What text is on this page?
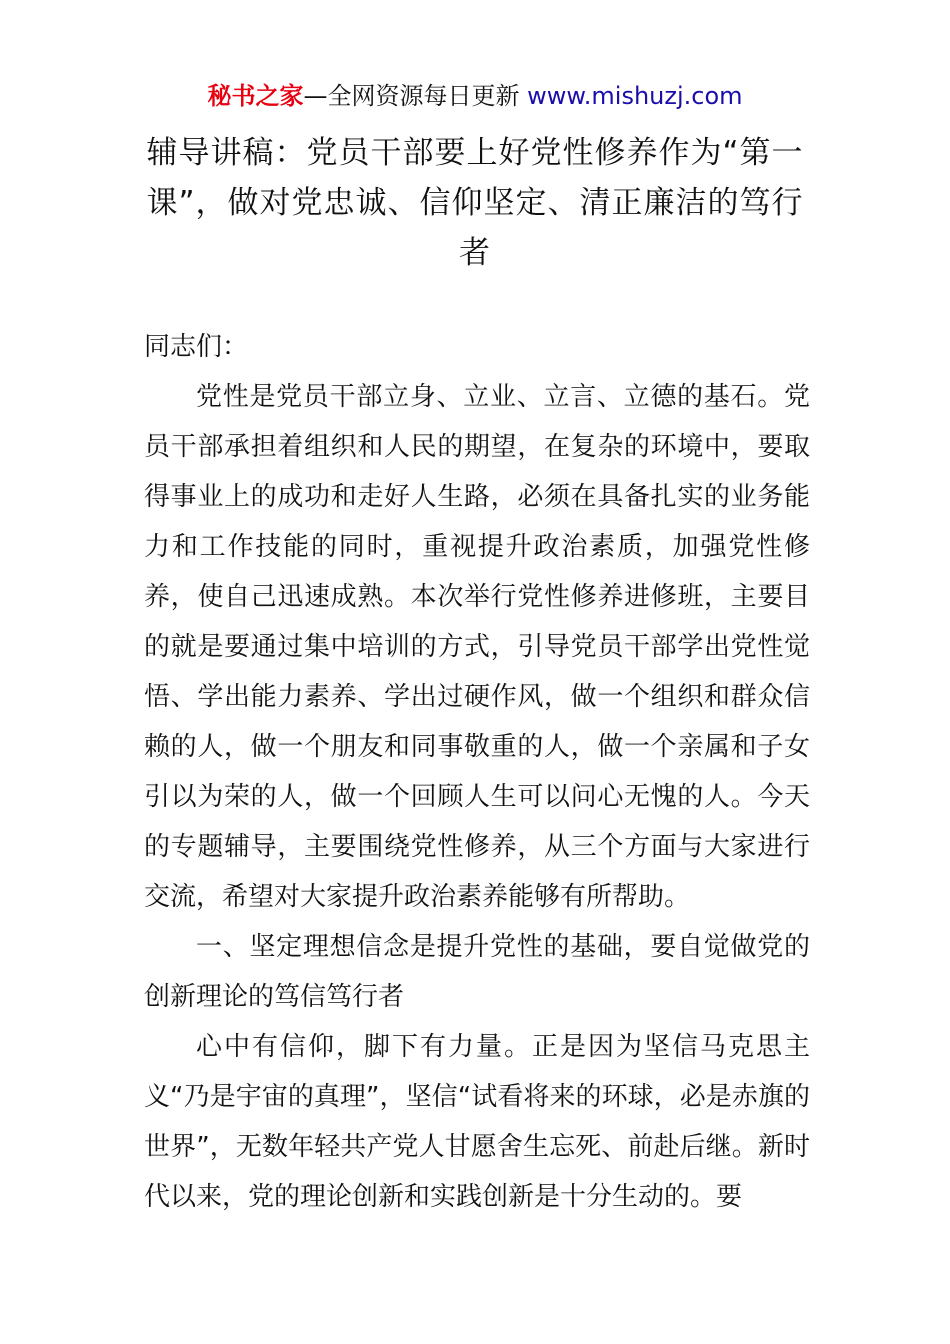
秘书之家—全网资源每日更新 www.mishuzj.com
辅导讲稿：党员干部要上好党性修养作为“第一课”，做对党忠诚、信仰坚定、清正廉洁的笃行者

同志们：

党性是党员干部立身、立业、立言、立德的基石。党员干部承担着组织和人民的期望，在复杂的环境中，要取得事业上的成功和走好人生路，必须在具备扎实的业务能力和工作技能的同时，重视提升政治素质，加强党性修养，使自己迅速成熟。本次举行党性修养进修班，主要目的就是要通过集中培训的方式，引导党员干部学出党性觉悟、学出能力素养、学出过硬作风，做一个组织和群众信赖的人，做一个朋友和同事敬重的人，做一个亲属和子女引以为荣的人，做一个回顾人生可以问心无愧的人。今天的专题辅导，主要围绕党性修养，从三个方面与大家进行交流，希望对大家提升政治素养能够有所帮助。

一、坚定理想信念是提升党性的基础，要自觉做党的创新理论的笃信笃行者

心中有信仰，脚下有力量。正是因为坚信马克思主义“乃是宇宙的真理”，坚信“试看将来的环球，必是赤旗的世界”，无数年轻共产党人甘愿舍生忘死、前赴后继。新时代以来，党的理论创新和实践创新是十分生动的。要
